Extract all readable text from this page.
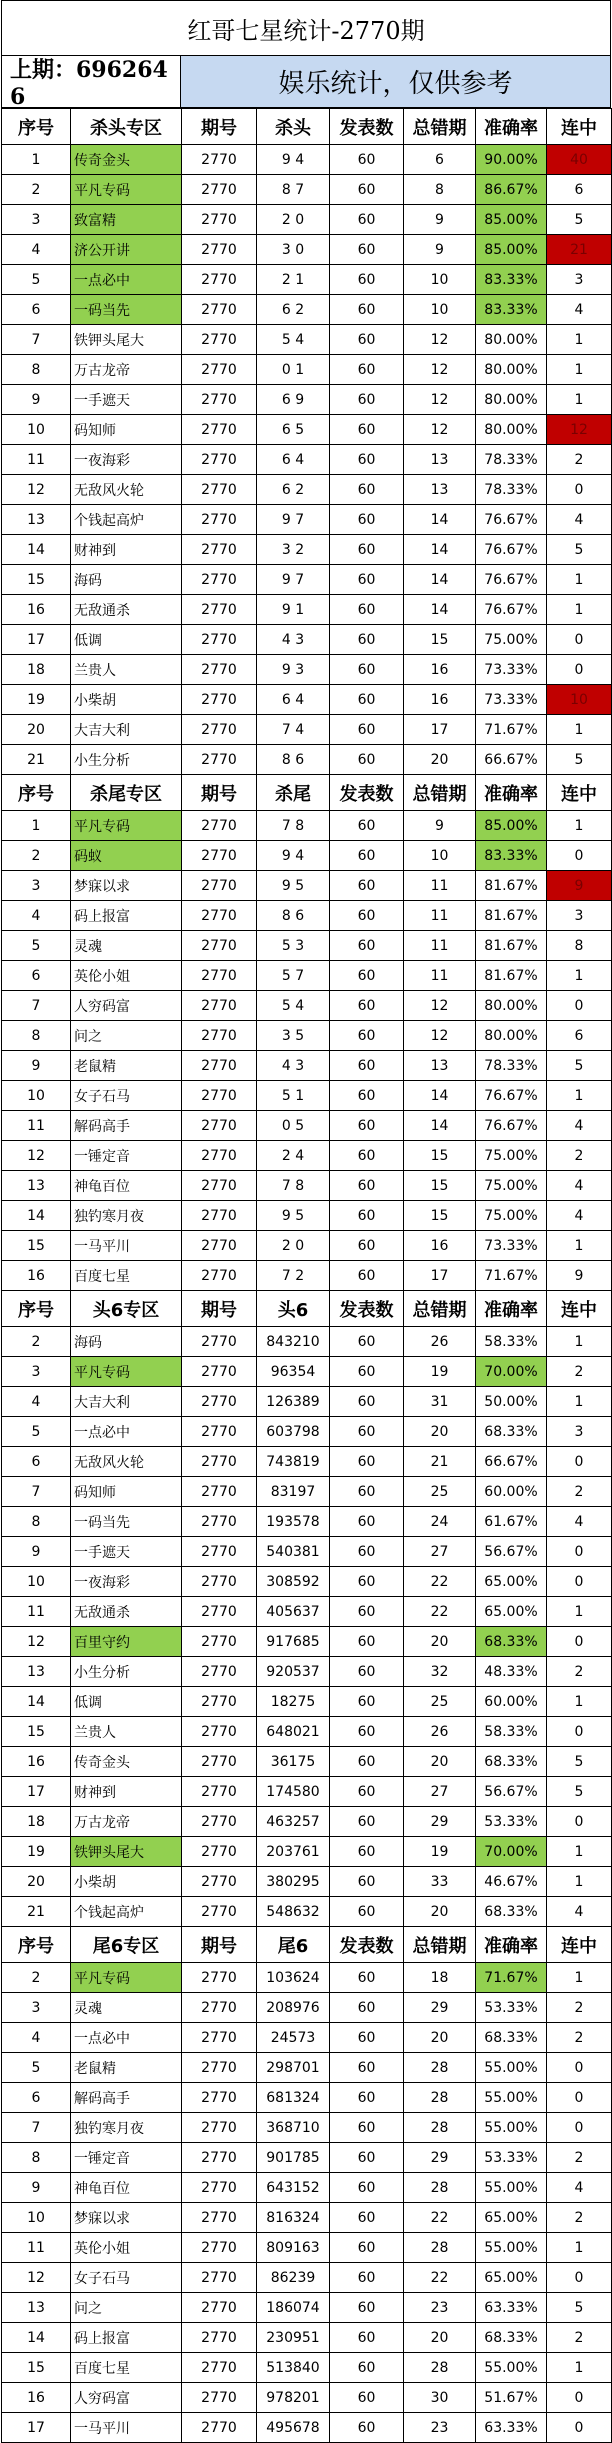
红哥七星统计-2770期
上期：696264 6	娱乐统计，仅供参考
序号	杀头专区	期号	杀头	发表数	总错期	准确率	连中
1	传奇金头	2770	9 4	60	6	90.00%	40
2	平凡专码	2770	8 7	60	8	86.67%	6
3	致富精	2770	2 0	60	9	85.00%	5
4	济公开讲	2770	3 0	60	9	85.00%	21
5	一点必中	2770	2 1	60	10	83.33%	3
6	一码当先	2770	6 2	60	10	83.33%	4
7	铁钾头尾大	2770	5 4	60	12	80.00%	1
8	万古龙帝	2770	0 1	60	12	80.00%	1
9	一手遮天	2770	6 9	60	12	80.00%	1
10	码知师	2770	6 5	60	12	80.00%	12
11	一夜海彩	2770	6 4	60	13	78.33%	2
12	无敌风火轮	2770	6 2	60	13	78.33%	0
13	个钱起高炉	2770	9 7	60	14	76.67%	4
14	财神到	2770	3 2	60	14	76.67%	5
15	海码	2770	9 7	60	14	76.67%	1
16	无敌通杀	2770	9 1	60	14	76.67%	1
17	低调	2770	4 3	60	15	75.00%	0
18	兰贵人	2770	9 3	60	16	73.33%	0
19	小柴胡	2770	6 4	60	16	73.33%	10
20	大吉大利	2770	7 4	60	17	71.67%	1
21	小生分析	2770	8 6	60	20	66.67%	5
序号	杀尾专区	期号	杀尾	发表数	总错期	准确率	连中
1	平凡专码	2770	7 8	60	9	85.00%	1
2	码蚁	2770	9 4	60	10	83.33%	0
3	梦寐以求	2770	9 5	60	11	81.67%	9
4	码上报富	2770	8 6	60	11	81.67%	3
5	灵魂	2770	5 3	60	11	81.67%	8
6	英伦小姐	2770	5 7	60	11	81.67%	1
7	人穷码富	2770	5 4	60	12	80.00%	0
8	问之	2770	3 5	60	12	80.00%	6
9	老鼠精	2770	4 3	60	13	78.33%	5
10	女子石马	2770	5 1	60	14	76.67%	1
11	解码高手	2770	0 5	60	14	76.67%	4
12	一锤定音	2770	2 4	60	15	75.00%	2
13	神龟百位	2770	7 8	60	15	75.00%	4
14	独钓寒月夜	2770	9 5	60	15	75.00%	4
15	一马平川	2770	2 0	60	16	73.33%	1
16	百度七星	2770	7 2	60	17	71.67%	9
序号	头6专区	期号	头6	发表数	总错期	准确率	连中
2	海码	2770	843210	60	26	58.33%	1
3	平凡专码	2770	96354	60	19	70.00%	2
4	大吉大利	2770	126389	60	31	50.00%	1
5	一点必中	2770	603798	60	20	68.33%	3
6	无敌风火轮	2770	743819	60	21	66.67%	0
7	码知师	2770	83197	60	25	60.00%	2
8	一码当先	2770	193578	60	24	61.67%	4
9	一手遮天	2770	540381	60	27	56.67%	0
10	一夜海彩	2770	308592	60	22	65.00%	0
11	无敌通杀	2770	405637	60	22	65.00%	1
12	百里守约	2770	917685	60	20	68.33%	0
13	小生分析	2770	920537	60	32	48.33%	2
14	低调	2770	18275	60	25	60.00%	1
15	兰贵人	2770	648021	60	26	58.33%	0
16	传奇金头	2770	36175	60	20	68.33%	5
17	财神到	2770	174580	60	27	56.67%	5
18	万古龙帝	2770	463257	60	29	53.33%	0
19	铁钾头尾大	2770	203761	60	19	70.00%	1
20	小柴胡	2770	380295	60	33	46.67%	1
21	个钱起高炉	2770	548632	60	20	68.33%	4
序号	尾6专区	期号	尾6	发表数	总错期	准确率	连中
2	平凡专码	2770	103624	60	18	71.67%	1
3	灵魂	2770	208976	60	29	53.33%	2
4	一点必中	2770	24573	60	20	68.33%	2
5	老鼠精	2770	298701	60	28	55.00%	0
6	解码高手	2770	681324	60	28	55.00%	0
7	独钓寒月夜	2770	368710	60	28	55.00%	0
8	一锤定音	2770	901785	60	29	53.33%	2
9	神龟百位	2770	643152	60	28	55.00%	4
10	梦寐以求	2770	816324	60	22	65.00%	2
11	英伦小姐	2770	809163	60	28	55.00%	1
12	女子石马	2770	86239	60	22	65.00%	0
13	问之	2770	186074	60	23	63.33%	5
14	码上报富	2770	230951	60	20	68.33%	2
15	百度七星	2770	513840	60	28	55.00%	1
16	人穷码富	2770	978201	60	30	51.67%	0
17	一马平川	2770	495678	60	23	63.33%	0
